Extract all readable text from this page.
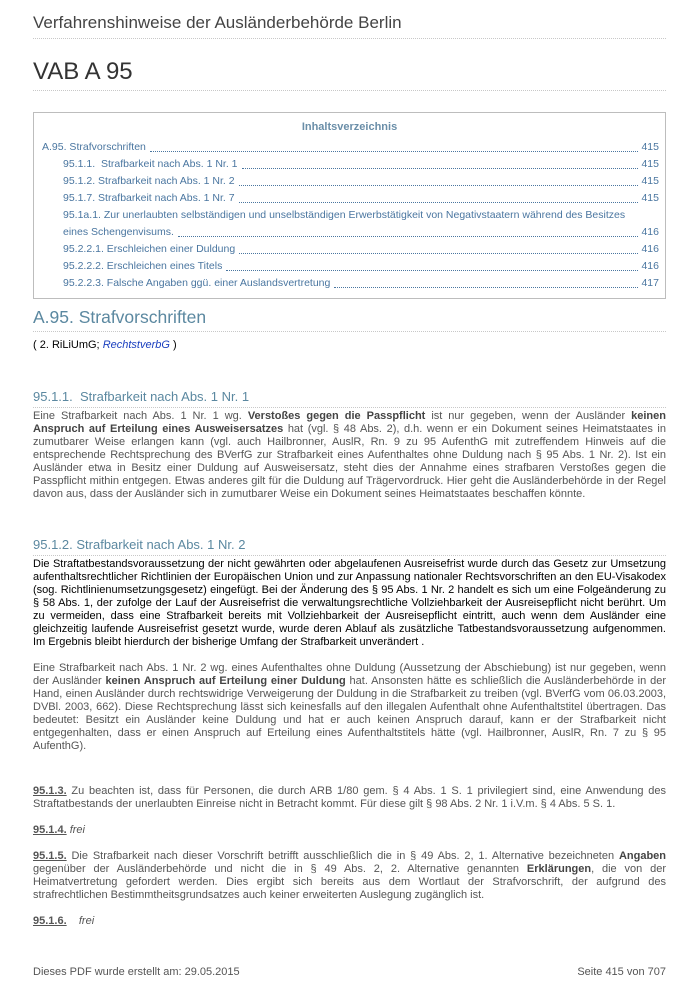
Verfahrenshinweise der Ausländerbehörde Berlin
VAB A 95
Inhaltsverzeichnis
A.95. Strafvorschriften	415
95.1.1.  Strafbarkeit nach Abs. 1 Nr. 1	415
95.1.2. Strafbarkeit nach Abs. 1 Nr. 2	415
95.1.7. Strafbarkeit nach Abs. 1 Nr. 7	415
95.1a.1. Zur unerlaubten selbständigen und unselbständigen Erwerbstätigkeit von Negativstaatern während des Besitzes
eines Schengenvisums.	416
95.2.2.1. Erschleichen einer Duldung	416
95.2.2.2. Erschleichen eines Titels	416
95.2.2.3. Falsche Angaben ggü. einer Auslandsvertretung	417
A.95. Strafvorschriften
( 2. RiLiUmG; RechtstverbG )
95.1.1.  Strafbarkeit nach Abs. 1 Nr. 1

Eine Strafbarkeit nach Abs. 1 Nr. 1 wg. Verstoßes gegen die Passpflicht ist nur gegeben, wenn der Ausländer keinen Anspruch auf Erteilung eines Ausweisersatzes hat (vgl. § 48 Abs. 2), d.h. wenn er ein Dokument seines Heimatstaates in zumutbarer Weise erlangen kann (vgl. auch Hailbronner, AuslR, Rn. 9 zu 95 AufenthG mit zutreffendem Hinweis auf die entsprechende Rechtsprechung des BVerfG zur Strafbarkeit eines Aufenthaltes ohne Duldung nach § 95 Abs. 1 Nr. 2). Ist ein Ausländer etwa in Besitz einer Duldung auf Ausweisersatz, steht dies der Annahme eines strafbaren Verstoßes gegen die Passpflicht mithin entgegen. Etwas anderes gilt für die Duldung auf Trägervordruck. Hier geht die Ausländerbehörde in der Regel davon aus, dass der Ausländer sich in zumutbarer Weise ein Dokument seines Heimatstaates beschaffen könnte.

95.1.2. Strafbarkeit nach Abs. 1 Nr. 2

Die Straftatbestandsvoraussetzung der nicht gewährten oder abgelaufenen Ausreisefrist wurde durch das Gesetz zur Umsetzung aufenthaltsrechtlicher Richtlinien der Europäischen Union und zur Anpassung nationaler Rechtsvorschriften an den EU-Visakodex (sog. Richtlinienumsetzungsgesetz) eingefügt. Bei der Änderung des § 95 Abs. 1 Nr. 2 handelt es sich um eine Folgeänderung zu § 58 Abs. 1, der zufolge der Lauf der Ausreisefrist die verwaltungsrechtliche Vollziehbarkeit der Ausreisepflicht nicht berührt. Um zu vermeiden, dass eine Strafbarkeit bereits mit Vollziehbarkeit der Ausreisepflicht eintritt, auch wenn dem Ausländer eine gleichzeitig laufende Ausreisefrist gesetzt wurde, wurde deren Ablauf als zusätzliche Tatbestandsvoraussetzung aufgenommen. Im Ergebnis bleibt hierdurch der bisherige Umfang der Strafbarkeit unverändert .

Eine Strafbarkeit nach Abs. 1 Nr. 2 wg. eines Aufenthaltes ohne Duldung (Aussetzung der Abschiebung) ist nur gegeben, wenn der Ausländer keinen Anspruch auf Erteilung einer Duldung hat. Ansonsten hätte es schließlich die Ausländerbehörde in der Hand, einen Ausländer durch rechtswidrige Verweigerung der Duldung in die Strafbarkeit zu treiben (vgl. BVerfG vom 06.03.2003, DVBl. 2003, 662). Diese Rechtsprechung lässt sich keinesfalls auf den illegalen Aufenthalt ohne Aufenthaltstitel übertragen. Das bedeutet: Besitzt ein Ausländer keine Duldung und hat er auch keinen Anspruch darauf, kann er der Strafbarkeit nicht entgegenhalten, dass er einen Anspruch auf Erteilung eines Aufenthaltstitels hätte (vgl. Hailbronner, AuslR, Rn. 7 zu § 95 AufenthG).

95.1.3. Zu beachten ist, dass für Personen, die durch ARB 1/80 gem. § 4 Abs. 1 S. 1 privilegiert sind, eine Anwendung des Straftatbestands der unerlaubten Einreise nicht in Betracht kommt. Für diese gilt § 98 Abs. 2 Nr. 1 i.V.m. § 4 Abs. 5 S. 1.

95.1.4. frei

95.1.5. Die Strafbarkeit nach dieser Vorschrift betrifft ausschließlich die in § 49 Abs. 2, 1. Alternative bezeichneten Angaben gegenüber der Ausländerbehörde und nicht die in § 49 Abs. 2, 2. Alternative genannten Erklärungen, die von der Heimatvertretung gefordert werden. Dies ergibt sich bereits aus dem Wortlaut der Strafvorschrift, der aufgrund des strafrechtlichen Bestimmtheitsgrundsatzes auch keiner erweiterten Auslegung zugänglich ist.

95.1.6. frei

Dieses PDF wurde erstellt am: 29.05.2015	Seite 415 von 707
